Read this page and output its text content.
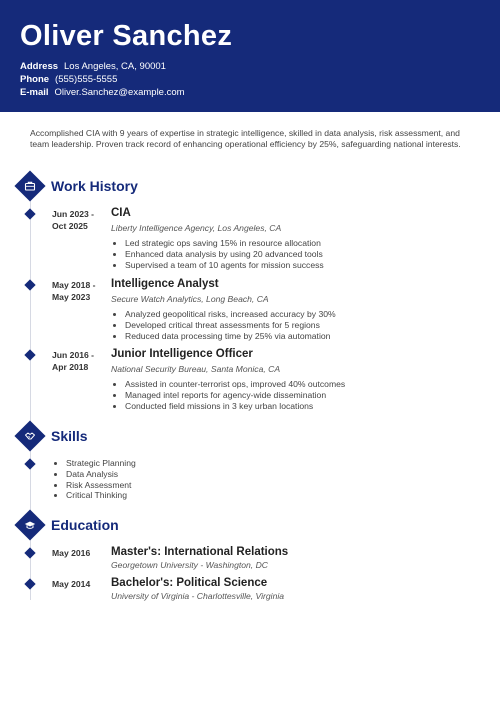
Oliver Sanchez
Address Los Angeles, CA, 90001
Phone (555)555-5555
E-mail Oliver.Sanchez@example.com
Accomplished CIA with 9 years of expertise in strategic intelligence, skilled in data analysis, risk assessment, and team leadership. Proven track record of enhancing operational efficiency by 25%, safeguarding national interests.
Work History
Jun 2023 -
Oct 2025
CIA
Liberty Intelligence Agency, Los Angeles, CA
• Led strategic ops saving 15% in resource allocation
• Enhanced data analysis by using 20 advanced tools
• Supervised a team of 10 agents for mission success
May 2018 -
May 2023
Intelligence Analyst
Secure Watch Analytics, Long Beach, CA
• Analyzed geopolitical risks, increased accuracy by 30%
• Developed critical threat assessments for 5 regions
• Reduced data processing time by 25% via automation
Jun 2016 -
Apr 2018
Junior Intelligence Officer
National Security Bureau, Santa Monica, CA
• Assisted in counter-terrorist ops, improved 40% outcomes
• Managed intel reports for agency-wide dissemination
• Conducted field missions in 3 key urban locations
Skills
• Strategic Planning
• Data Analysis
• Risk Assessment
• Critical Thinking
Education
May 2016 Master's: International Relations
Georgetown University - Washington, DC
May 2014 Bachelor's: Political Science
University of Virginia - Charlottesville, Virginia
